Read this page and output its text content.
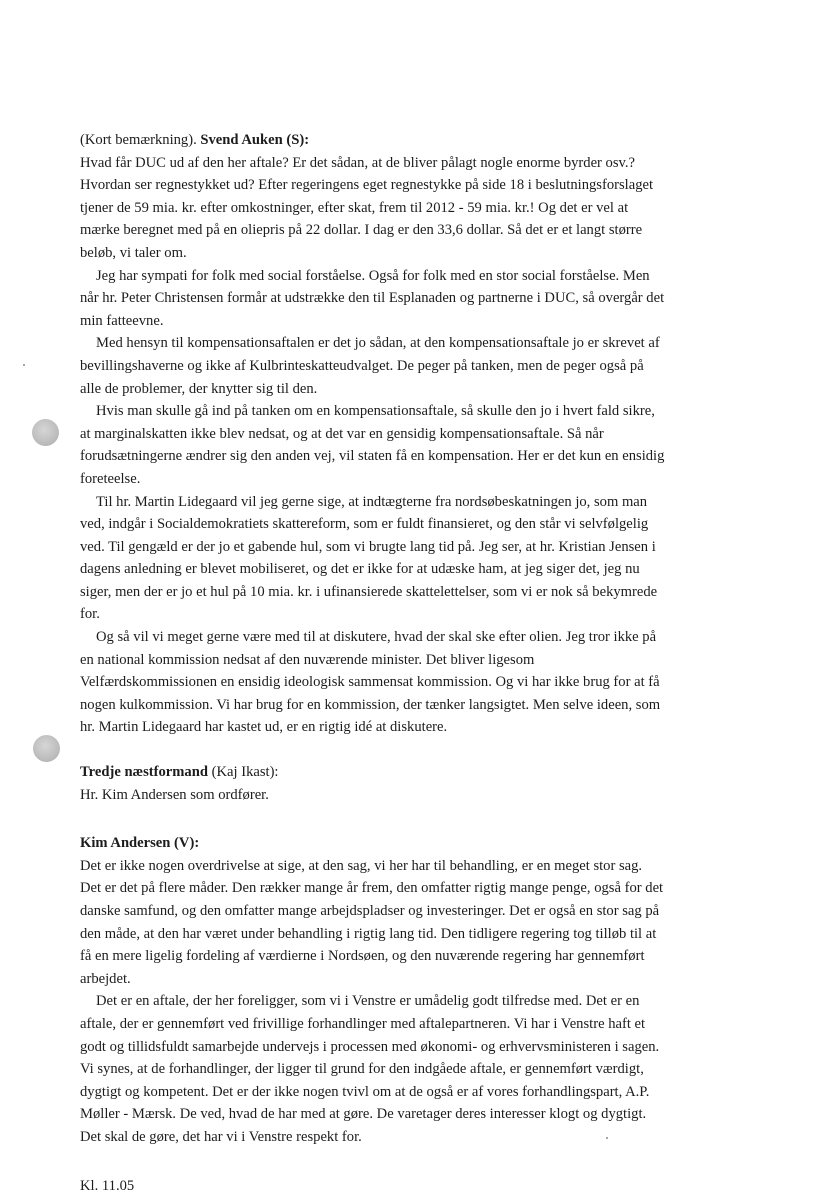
(Kort bemærkning). Svend Auken (S):
Hvad får DUC ud af den her aftale? Er det sådan, at de bliver pålagt nogle enorme byrder osv.?
Hvordan ser regnestykket ud? Efter regeringens eget regnestykke på side 18 i beslutningsforslaget
tjener de 59 mia. kr. efter omkostninger, efter skat, frem til 2012 - 59 mia. kr.! Og det er vel at
mærke beregnet med på en oliepris på 22 dollar. I dag er den 33,6 dollar. Så det er et langt større
beløb, vi taler om.
Jeg har sympati for folk med social forståelse. Også for folk med en stor social forståelse. Men
når hr. Peter Christensen formår at udstrække den til Esplanaden og partnerne i DUC, så overgår det
min fatteevne.
Med hensyn til kompensationsaftalen er det jo sådan, at den kompensationsaftale jo er skrevet af
bevillingshaverne og ikke af Kulbrinteskatteudvalget. De peger på tanken, men de peger også på
alle de problemer, der knytter sig til den.
Hvis man skulle gå ind på tanken om en kompensationsaftale, så skulle den jo i hvert fald sikre,
at marginalskatten ikke blev nedsat, og at det var en gensidig kompensationsaftale. Så når
forudsætningerne ændrer sig den anden vej, vil staten få en kompensation. Her er det kun en ensidig
foreteelse.
Til hr. Martin Lidegaard vil jeg gerne sige, at indtægterne fra nordsøbeskatningen jo, som man
ved, indgår i Socialdemokratiets skattereform, som er fuldt finansieret, og den står vi selvfølgelig
ved. Til gengæld er der jo et gabende hul, som vi brugte lang tid på. Jeg ser, at hr. Kristian Jensen i
dagens anledning er blevet mobiliseret, og det er ikke for at udæske ham, at jeg siger det, jeg nu
siger, men der er jo et hul på 10 mia. kr. i ufinansierede skattelettelser, som vi er nok så bekymrede
for.
Og så vil vi meget gerne være med til at diskutere, hvad der skal ske efter olien. Jeg tror ikke på
en national kommission nedsat af den nuværende minister. Det bliver ligesom
Velfærdskommissionen en ensidig ideologisk sammensat kommission. Og vi har ikke brug for at få
nogen kulkommission. Vi har brug for en kommission, der tænker langsigtet. Men selve ideen, som
hr. Martin Lidegaard har kastet ud, er en rigtig idé at diskutere.
Tredje næstformand (Kaj Ikast):
Hr. Kim Andersen som ordfører.
Kim Andersen (V):
Det er ikke nogen overdrivelse at sige, at den sag, vi her har til behandling, er en meget stor sag.
Det er det på flere måder. Den rækker mange år frem, den omfatter rigtig mange penge, også for det
danske samfund, og den omfatter mange arbejdspladser og investeringer. Det er også en stor sag på
den måde, at den har været under behandling i rigtig lang tid. Den tidligere regering tog tilløb til at
få en mere ligelig fordeling af værdierne i Nordsøen, og den nuværende regering har gennemført
arbejdet.
Det er en aftale, der her foreligger, som vi i Venstre er umådelig godt tilfredse med. Det er en
aftale, der er gennemført ved frivillige forhandlinger med aftalepartneren. Vi har i Venstre haft et
godt og tillidsfuldt samarbejde undervejs i processen med økonomi- og erhvervsministeren i sagen.
Vi synes, at de forhandlinger, der ligger til grund for den indgåede aftale, er gennemført værdigt,
dygtigt og kompetent. Det er der ikke nogen tvivl om at de også er af vores forhandlingspart, A.P.
Møller - Mærsk. De ved, hvad de har med at gøre. De varetager deres interesser klogt og dygtigt.
Det skal de gøre, det har vi i Venstre respekt for.
Kl. 11.05
